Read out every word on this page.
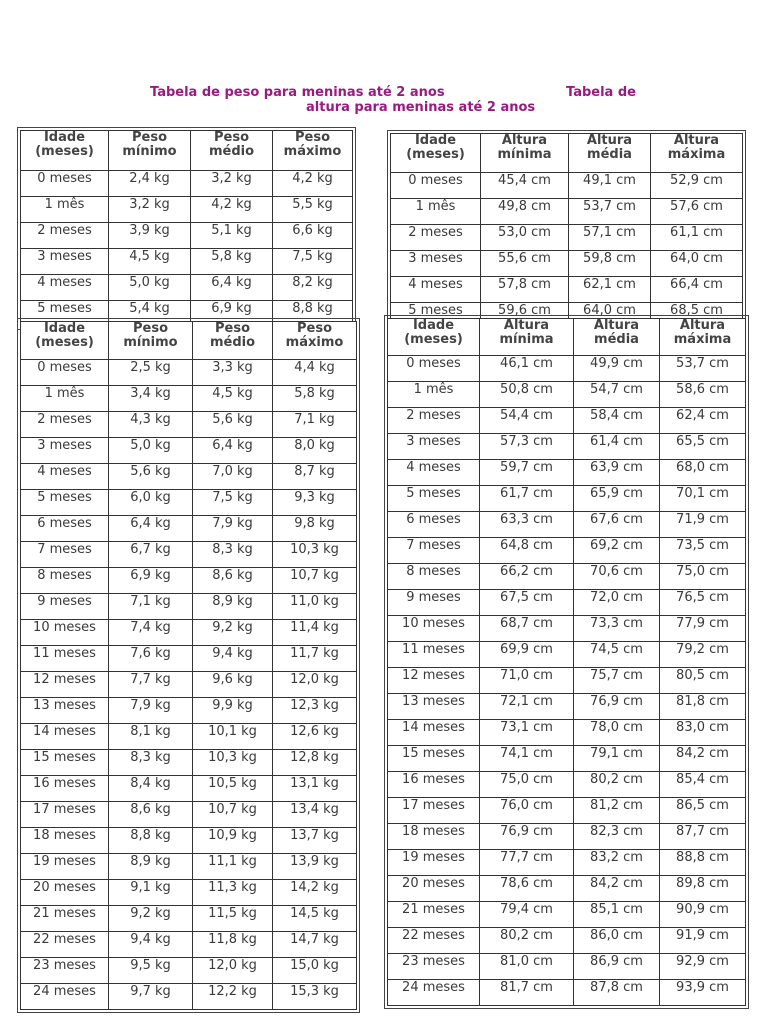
Tabela de peso para meninas até 2 anos	Tabela de
altura para meninas até 2 anos
Idade (meses)	Peso mínimo	Peso médio	Peso máximo
0 meses	2,4 kg	3,2 kg	4,2 kg
1 mês	3,2 kg	4,2 kg	5,5 kg
2 meses	3,9 kg	5,1 kg	6,6 kg
3 meses	4,5 kg	5,8 kg	7,5 kg
4 meses	5,0 kg	6,4 kg	8,2 kg
5 meses	5,4 kg	6,9 kg	8,8 kg
Idade (meses)	Altura mínima	Altura média	Altura máxima
0 meses	45,4 cm	49,1 cm	52,9 cm
1 mês	49,8 cm	53,7 cm	57,6 cm
2 meses	53,0 cm	57,1 cm	61,1 cm
3 meses	55,6 cm	59,8 cm	64,0 cm
4 meses	57,8 cm	62,1 cm	66,4 cm
5 meses	59,6 cm	64,0 cm	68,5 cm
Idade (meses)	Peso mínimo	Peso médio	Peso máximo
0 meses	2,5 kg	3,3 kg	4,4 kg
1 mês	3,4 kg	4,5 kg	5,8 kg
2 meses	4,3 kg	5,6 kg	7,1 kg
3 meses	5,0 kg	6,4 kg	8,0 kg
4 meses	5,6 kg	7,0 kg	8,7 kg
5 meses	6,0 kg	7,5 kg	9,3 kg
6 meses	6,4 kg	7,9 kg	9,8 kg
7 meses	6,7 kg	8,3 kg	10,3 kg
8 meses	6,9 kg	8,6 kg	10,7 kg
9 meses	7,1 kg	8,9 kg	11,0 kg
10 meses	7,4 kg	9,2 kg	11,4 kg
11 meses	7,6 kg	9,4 kg	11,7 kg
12 meses	7,7 kg	9,6 kg	12,0 kg
13 meses	7,9 kg	9,9 kg	12,3 kg
14 meses	8,1 kg	10,1 kg	12,6 kg
15 meses	8,3 kg	10,3 kg	12,8 kg
16 meses	8,4 kg	10,5 kg	13,1 kg
17 meses	8,6 kg	10,7 kg	13,4 kg
18 meses	8,8 kg	10,9 kg	13,7 kg
19 meses	8,9 kg	11,1 kg	13,9 kg
20 meses	9,1 kg	11,3 kg	14,2 kg
21 meses	9,2 kg	11,5 kg	14,5 kg
22 meses	9,4 kg	11,8 kg	14,7 kg
23 meses	9,5 kg	12,0 kg	15,0 kg
24 meses	9,7 kg	12,2 kg	15,3 kg
Idade (meses)	Altura mínima	Altura média	Altura máxima
0 meses	46,1 cm	49,9 cm	53,7 cm
1 mês	50,8 cm	54,7 cm	58,6 cm
2 meses	54,4 cm	58,4 cm	62,4 cm
3 meses	57,3 cm	61,4 cm	65,5 cm
4 meses	59,7 cm	63,9 cm	68,0 cm
5 meses	61,7 cm	65,9 cm	70,1 cm
6 meses	63,3 cm	67,6 cm	71,9 cm
7 meses	64,8 cm	69,2 cm	73,5 cm
8 meses	66,2 cm	70,6 cm	75,0 cm
9 meses	67,5 cm	72,0 cm	76,5 cm
10 meses	68,7 cm	73,3 cm	77,9 cm
11 meses	69,9 cm	74,5 cm	79,2 cm
12 meses	71,0 cm	75,7 cm	80,5 cm
13 meses	72,1 cm	76,9 cm	81,8 cm
14 meses	73,1 cm	78,0 cm	83,0 cm
15 meses	74,1 cm	79,1 cm	84,2 cm
16 meses	75,0 cm	80,2 cm	85,4 cm
17 meses	76,0 cm	81,2 cm	86,5 cm
18 meses	76,9 cm	82,3 cm	87,7 cm
19 meses	77,7 cm	83,2 cm	88,8 cm
20 meses	78,6 cm	84,2 cm	89,8 cm
21 meses	79,4 cm	85,1 cm	90,9 cm
22 meses	80,2 cm	86,0 cm	91,9 cm
23 meses	81,0 cm	86,9 cm	92,9 cm
24 meses	81,7 cm	87,8 cm	93,9 cm
